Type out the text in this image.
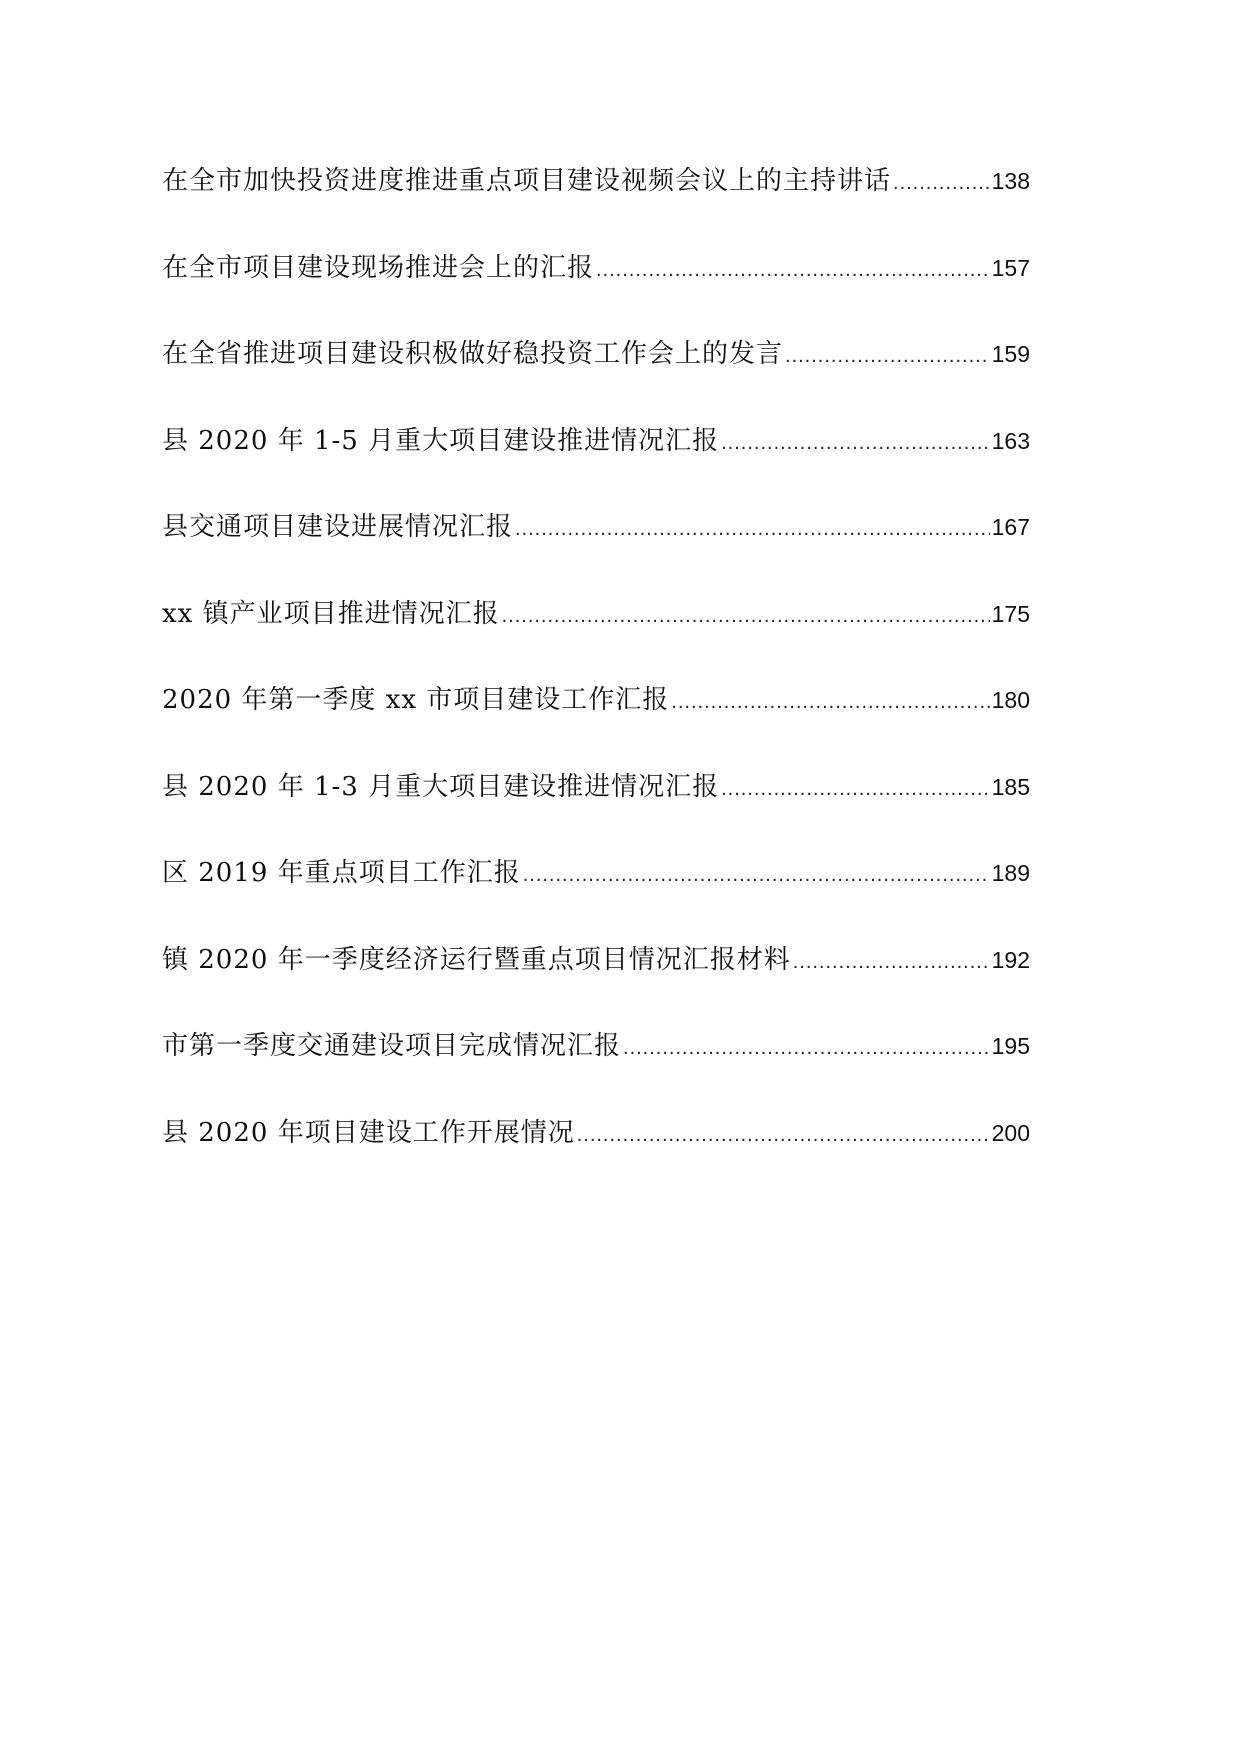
在全市加快投资进度推进重点项目建设视频会议上的主持讲话 .....	138
在全市项目建设现场推进会上的汇报 .....	157
在全省推进项目建设积极做好稳投资工作会上的发言 .....	159
县 2020 年 1-5 月重大项目建设推进情况汇报 .....	163
县交通项目建设进展情况汇报 .....	167
xx 镇产业项目推进情况汇报 .....	175
2020 年第一季度 xx 市项目建设工作汇报 .....	180
县 2020 年 1-3 月重大项目建设推进情况汇报 .....	185
区 2019 年重点项目工作汇报 .....	189
镇 2020 年一季度经济运行暨重点项目情况汇报材料 .....	192
市第一季度交通建设项目完成情况汇报 .....	195
县 2020 年项目建设工作开展情况 .....	200
